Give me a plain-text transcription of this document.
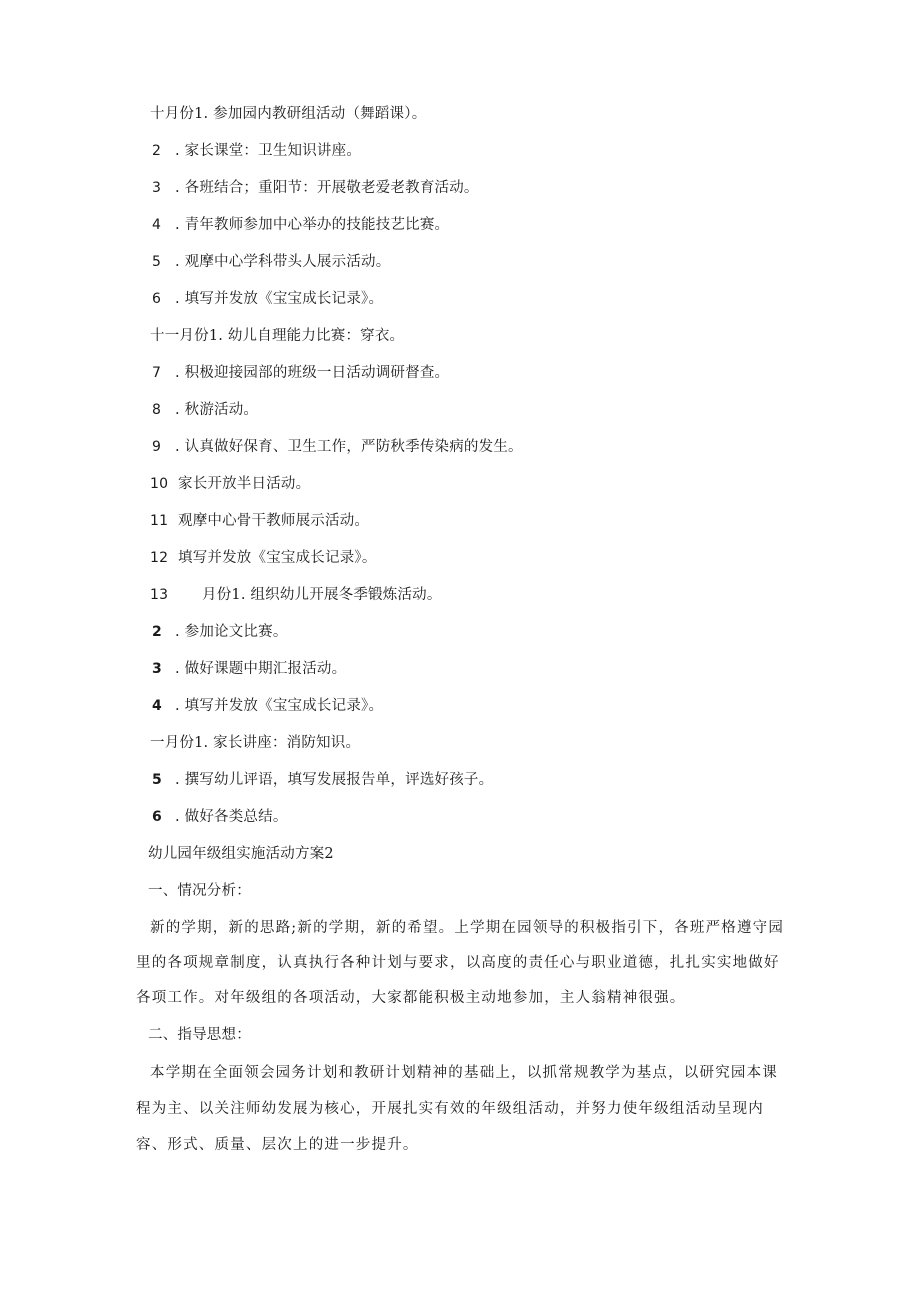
十月份1. 参加园内教研组活动（舞蹈课）。
2 . 家长课堂：卫生知识讲座。
3 . 各班结合；重阳节：开展敬老爱老教育活动。
4 . 青年教师参加中心举办的技能技艺比赛。
5 . 观摩中心学科带头人展示活动。
6 . 填写并发放《宝宝成长记录》。
十一月份1. 幼儿自理能力比赛：穿衣。
7 . 积极迎接园部的班级一日活动调研督查。
8 . 秋游活动。
9 . 认真做好保育、卫生工作，严防秋季传染病的发生。
10 家长开放半日活动。
11 观摩中心骨干教师展示活动。
12 填写并发放《宝宝成长记录》。
13 月份1. 组织幼儿开展冬季锻炼活动。
2 . 参加论文比赛。
3 . 做好课题中期汇报活动。
4 . 填写并发放《宝宝成长记录》。
一月份1. 家长讲座：消防知识。
5 . 撰写幼儿评语，填写发展报告单，评选好孩子。
6 . 做好各类总结。
幼儿园年级组实施活动方案2
一、情况分析：
新的学期，新的思路;新的学期，新的希望。上学期在园领导的积极指引下，各班严格遵守园
里的各项规章制度，认真执行各种计划与要求，以高度的责任心与职业道德，扎扎实实地做好
各项工作。对年级组的各项活动，大家都能积极主动地参加，主人翁精神很强。
二、指导思想：
本学期在全面领会园务计划和教研计划精神的基础上，以抓常规教学为基点，以研究园本课
程为主、以关注师幼发展为核心，开展扎实有效的年级组活动，并努力使年级组活动呈现内
容、形式、质量、层次上的进一步提升。
